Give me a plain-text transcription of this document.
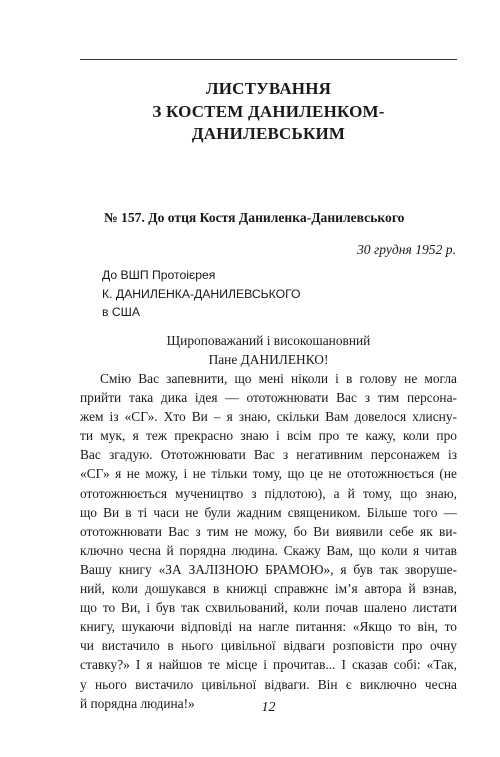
ЛИСТУВАННЯ
З КОСТЕМ ДАНИЛЕНКОМ-ДАНИЛЕВСЬКИМ
№ 157. До отця Костя Даниленка-Данилевського
30 грудня 1952 р.
До ВШП Протоієрея
К. ДАНИЛЕНКА-ДАНИЛЕВСЬКОГО
в США
Щироповажаний і високошановний
Пане ДАНИЛЕНКО!
Смію Вас запевнити, що мені ніколи і в голову не могла
прийти така дика ідея — ототожнювати Вас з тим персона-
жем із «СГ». Хто Ви – я знаю, скільки Вам довелося хлисну-
ти мук, я теж прекрасно знаю і всім про те кажу, коли про
Вас згадую. Ототожнювати Вас з негативним персонажем із
«СГ» я не можу, і не тільки тому, що це не ототожнюється (не
ототожнюється мучеництво з підлотою), а й тому, що знаю,
що Ви в ті часи не були жадним священиком. Більше того —
ототожнювати Вас з тим не можу, бо Ви виявили себе як ви-
ключно чесна й порядна людина. Скажу Вам, що коли я читав
Вашу книгу «ЗА ЗАЛІЗНОЮ БРАМОЮ», я був так зворуше-
ний, коли дошукався в книжці справжнє ім’я автора й взнав,
що то Ви, і був так схвильований, коли почав шалено листати
книгу, шукаючи відповіді на нагле питання: «Якщо то він, то
чи вистачило в нього цивільної відваги розповісти про очну
ставку?» І я найшов те місце і прочитав... І сказав собі: «Так,
у нього вистачило цивільної відваги. Він є виключно чесна
й порядна людина!»	12
